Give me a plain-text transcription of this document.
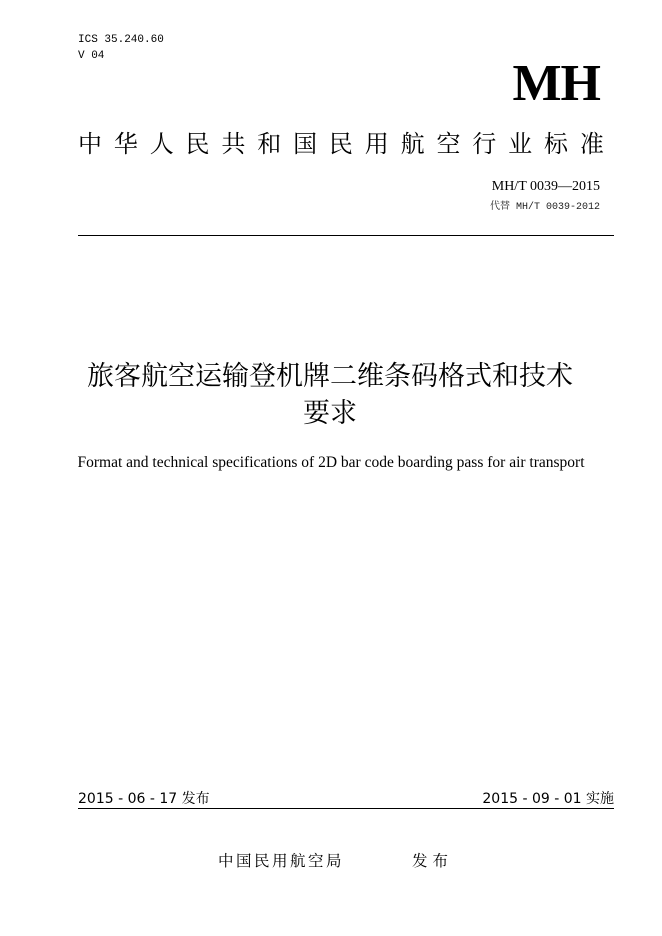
ICS 35.240.60
V 04	MH
中 华 人 民 共 和 国 民 用 航 空 行 业 标 准
MH/T 0039—2015
代替 MH/T 0039-2012
旅客航空运输登机牌二维条码格式和技术
要求
Format and technical specifications of 2D bar code boarding pass for air transport
2015 - 06 - 17 发布	2015 - 09 - 01 实施
中国民用航空局	发布
